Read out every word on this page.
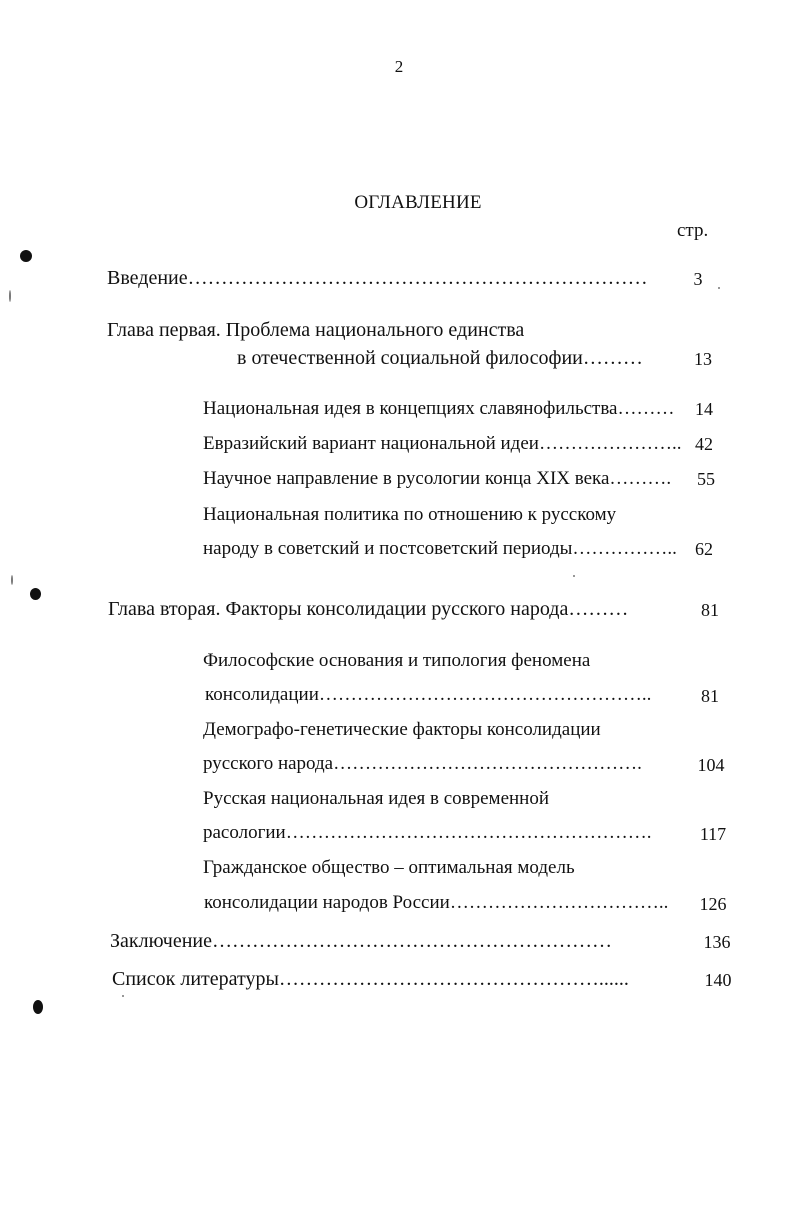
2
ОГЛАВЛЕНИЕ
стр.
Введение……………………………………………………………	3
Глава первая. Проблема национального единства
в отечественной социальной философии………	13
Национальная идея в концепциях славянофильства………	14
Евразийский вариант национальной идеи………………….. 42
Научное направление в русологии конца XIX века……….	55
Национальная политика по отношению к русскому
народу в советский и постсоветский периоды……………..	62
Глава вторая. Факторы консолидации русского народа………	81
Философские основания и типология феномена
консолидации……………………………………………..	81
Демографо-генетические факторы консолидации
русского народа………………………………………….	104
Русская национальная идея в современной
расологии………………………………………………….	117
Гражданское общество – оптимальная модель
консолидации народов России……………………………..	126
Заключение……………………………………………………	136
Список литературы…………………………………………......	140
